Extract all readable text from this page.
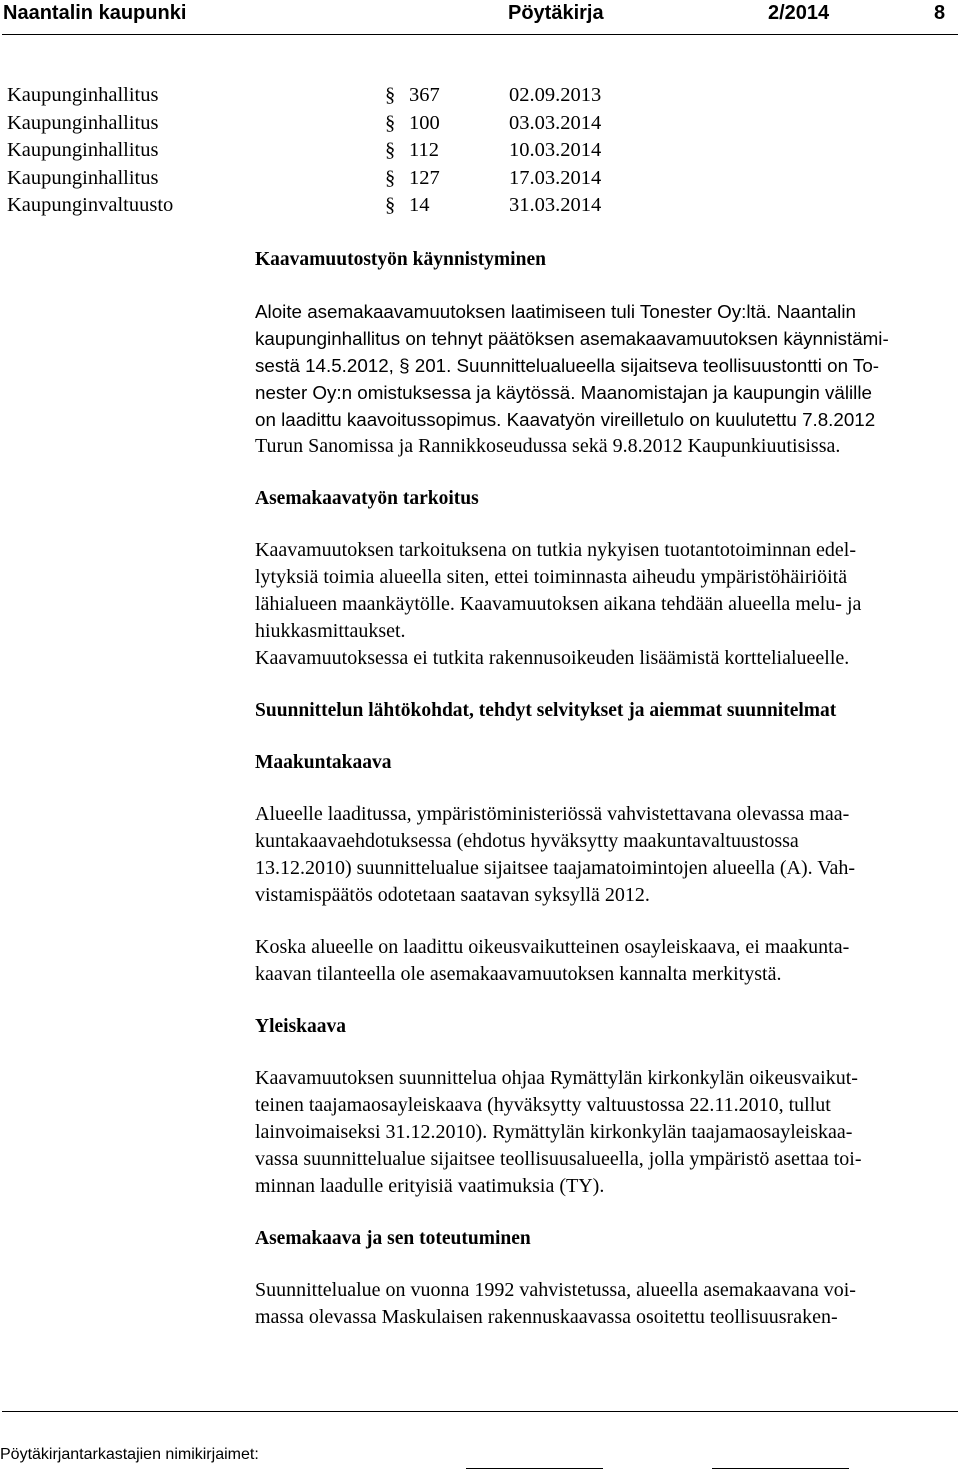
Naantalin kaupunki	Pöytäkirja	2/2014	8
Kaupunginhallitus	§ 367	02.09.2013
Kaupunginhallitus	§ 100	03.03.2014
Kaupunginhallitus	§ 112	10.03.2014
Kaupunginhallitus	§ 127	17.03.2014
Kaupunginvaltuusto	§ 14	31.03.2014
Kaavamuutostyön käynnistyminen
Aloite asemakaavamuutoksen laatimiseen tuli Tonester Oy:ltä. Naantalin
kaupunginhallitus on tehnyt päätöksen asemakaavamuutoksen käynnistämi-
sestä 14.5.2012, § 201. Suunnittelualueella sijaitseva teollisuustontti on To-
nester Oy:n omistuksessa ja käytössä. Maanomistajan ja kaupungin välille
on laadittu kaavoitussopimus. Kaavatyön vireilletulo on kuulutettu 7.8.2012
Turun Sanomissa ja Rannikkoseudussa sekä 9.8.2012 Kaupunkiuutisissa.
Asemakaavatyön tarkoitus
Kaavamuutoksen tarkoituksena on tutkia nykyisen tuotantotoiminnan edel-
lytyksiä toimia alueella siten, ettei toiminnasta aiheudu ympäristöhäiriöitä
lähialueen maankäytölle. Kaavamuutoksen aikana tehdään alueella melu- ja
hiukkasmittaukset.
Kaavamuutoksessa ei tutkita rakennusoikeuden lisäämistä korttelialueelle.
Suunnittelun lähtökohdat, tehdyt selvitykset ja aiemmat suunnitelmat
Maakuntakaava
Alueelle laaditussa, ympäristöministeriössä vahvistettavana olevassa maa-
kuntakaavaehdotuksessa (ehdotus hyväksytty maakuntavaltuustossa
13.12.2010) suunnittelualue sijaitsee taajamatoimintojen alueella (A). Vah-
vistamispäätös odotetaan saatavan syksyllä 2012.
Koska alueelle on laadittu oikeusvaikutteinen osayleiskaava, ei maakunta-
kaavan tilanteella ole asemakaavamuutoksen kannalta merkitystä.
Yleiskaava
Kaavamuutoksen suunnittelua ohjaa Rymättylän kirkonkylän oikeusvaikut-
teinen taajamaosayleiskaava (hyväksytty valtuustossa 22.11.2010, tullut
lainvoimaiseksi 31.12.2010). Rymättylän kirkonkylän taajamaosayleiskaa-
vassa suunnittelualue sijaitsee teollisuusalueella, jolla ympäristö asettaa toi-
minnan laadulle erityisiä vaatimuksia (TY).
Asemakaava ja sen toteutuminen
Suunnittelualue on vuonna 1992 vahvistetussa, alueella asemakaavana voi-
massa olevassa Maskulaisen rakennuskaavassa osoitettu teollisuusraken-
Pöytäkirjantarkastajien nimikirjaimet:
